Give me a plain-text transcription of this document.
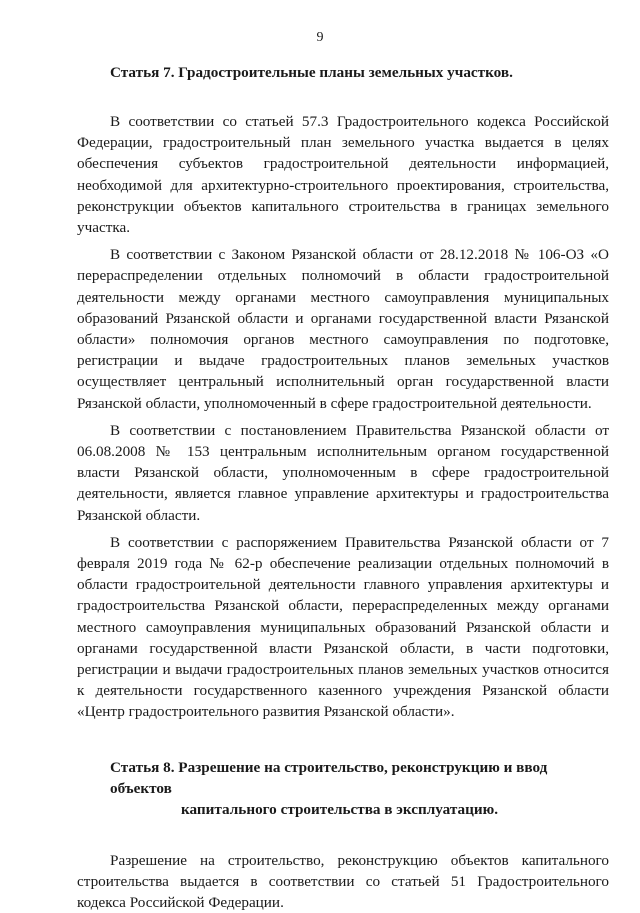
9

Статья 7. Градостроительные планы земельных участков.

В соответствии со статьей 57.3 Градостроительного кодекса Российской Федерации, градостроительный план земельного участка выдается в целях обеспечения субъектов градостроительной деятельности информацией, необходимой для архитектурно-строительного проектирования, строительства, реконструкции объектов капитального строительства в границах земельного участка.

В соответствии с Законом Рязанской области от 28.12.2018 № 106-ОЗ «О перераспределении отдельных полномочий в области градостроительной деятельности между органами местного самоуправления муниципальных образований Рязанской области и органами государственной власти Рязанской области» полномочия органов местного самоуправления по подготовке, регистрации и выдаче градостроительных планов земельных участков осуществляет центральный исполнительный орган государственной власти Рязанской области, уполномоченный в сфере градостроительной деятельности.

В соответствии с постановлением Правительства Рязанской области от 06.08.2008 № 153 центральным исполнительным органом государственной власти Рязанской области, уполномоченным в сфере градостроительной деятельности, является главное управление архитектуры и градостроительства Рязанской области.

В соответствии с распоряжением Правительства Рязанской области от 7 февраля 2019 года № 62-р обеспечение реализации отдельных полномочий в области градостроительной деятельности главного управления архитектуры и градостроительства Рязанской области, перераспределенных между органами местного самоуправления муниципальных образований Рязанской области и органами государственной власти Рязанской области, в части подготовки, регистрации и выдачи градостроительных планов земельных участков относится к деятельности государственного казенного учреждения Рязанской области «Центр градостроительного развития Рязанской области».

Статья 8. Разрешение на строительство, реконструкцию и ввод объектов
капитального строительства в эксплуатацию.

Разрешение на строительство, реконструкцию объектов капитального строительства выдается в соответствии со статьей 51 Градостроительного кодекса Российской Федерации.
